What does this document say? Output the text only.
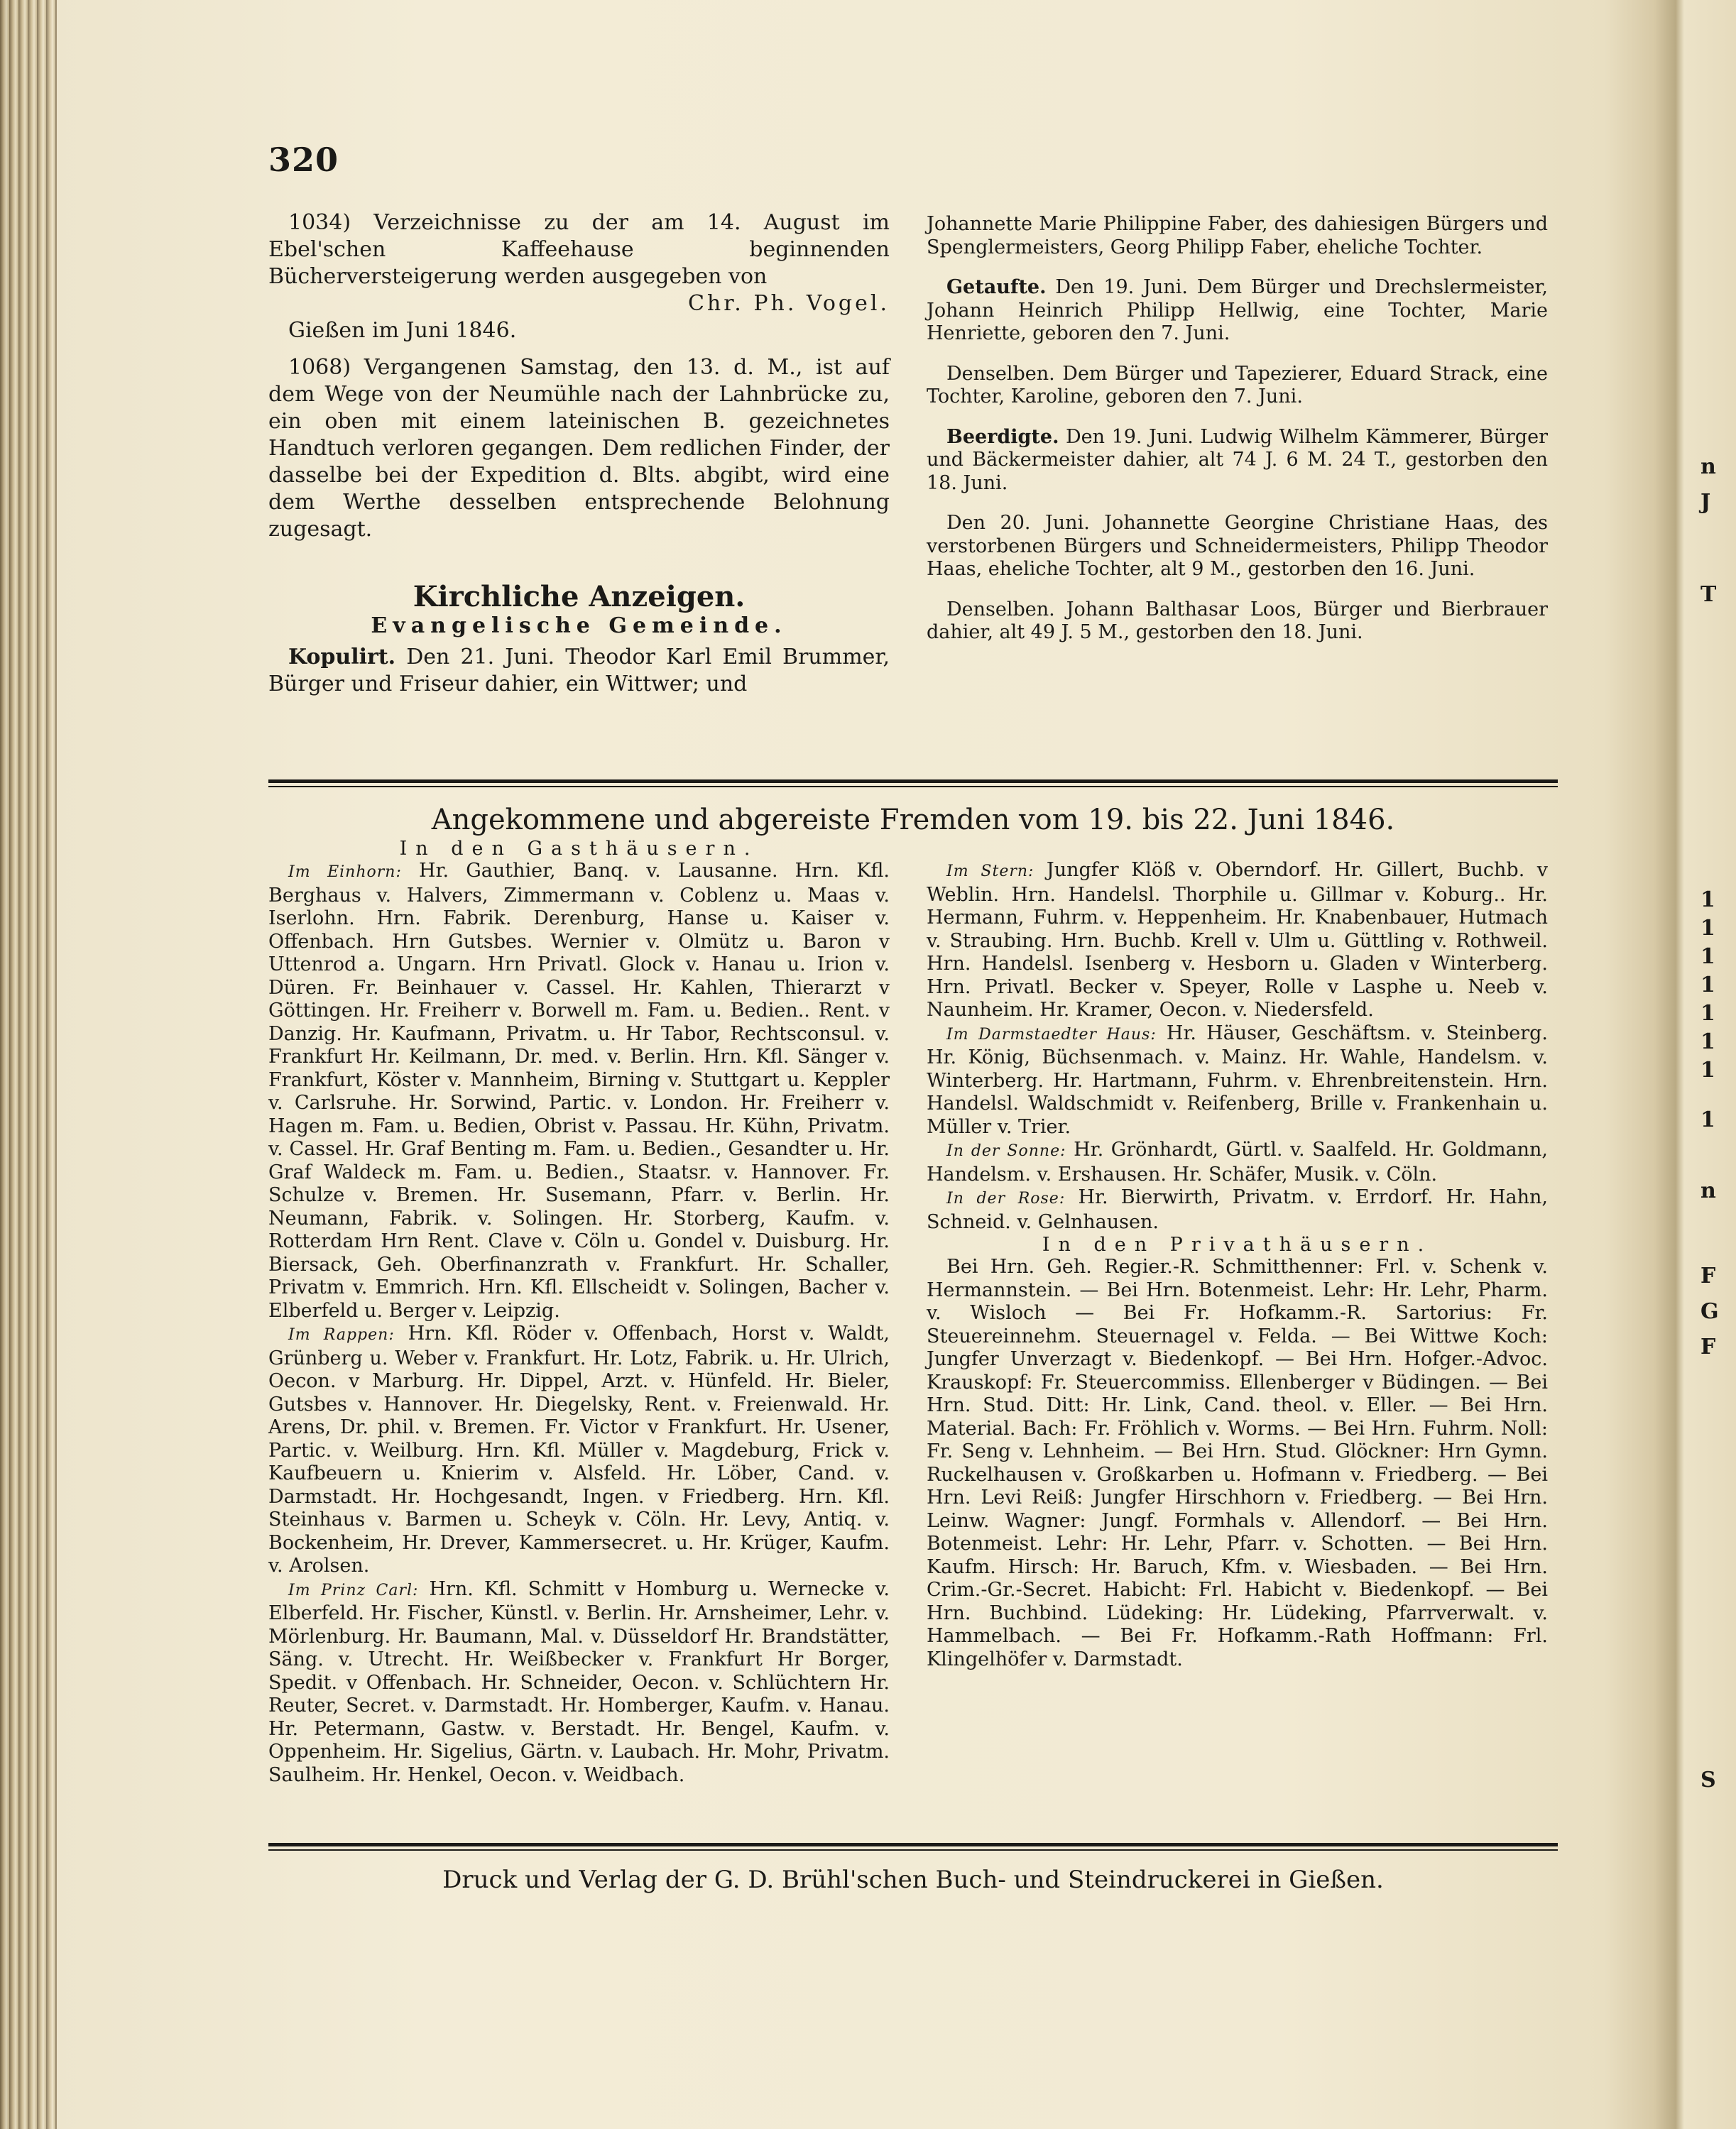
320

1034) Verzeichnisse zu der am 14. August im Ebel'schen Kaffeehause beginnenden Bücherversteigerung werden ausgegeben von

Chr. Ph. Vogel.

Gießen im Juni 1846.

1068) Vergangenen Samstag, den 13. d. M., ist auf dem Wege von der Neumühle nach der Lahnbrücke zu, ein oben mit einem lateinischen B. gezeichnetes Handtuch verloren gegangen. Dem redlichen Finder, der dasselbe bei der Expedition d. Blts. abgibt, wird eine dem Werthe desselben entsprechende Belohnung zugesagt.

Kirchliche Anzeigen.

Evangelische Gemeinde.

Kopulirt. Den 21. Juni. Theodor Karl Emil Brummer, Bürger und Friseur dahier, ein Wittwer; und

Johannette Marie Philippine Faber, des dahiesigen Bürgers und Spenglermeisters, Georg Philipp Faber, eheliche Tochter.

Getaufte. Den 19. Juni. Dem Bürger und Drechslermeister, Johann Heinrich Philipp Hellwig, eine Tochter, Marie Henriette, geboren den 7. Juni.

Denselben. Dem Bürger und Tapezierer, Eduard Strack, eine Tochter, Karoline, geboren den 7. Juni.

Beerdigte. Den 19. Juni. Ludwig Wilhelm Kämmerer, Bürger und Bäckermeister dahier, alt 74 J. 6 M. 24 T., gestorben den 18. Juni.

Den 20. Juni. Johannette Georgine Christiane Haas, des verstorbenen Bürgers und Schneidermeisters, Philipp Theodor Haas, eheliche Tochter, alt 9 M., gestorben den 16. Juni.

Denselben. Johann Balthasar Loos, Bürger und Bierbrauer dahier, alt 49 J. 5 M., gestorben den 18. Juni.

Angekommene und abgereiste Fremden vom 19. bis 22. Juni 1846.

In den Gasthäusern.

Im Einhorn: Hr. Gauthier, Banq. v. Lausanne. Hrn. Kfl. Berghaus v. Halvers, Zimmermann v. Coblenz u. Maas v. Iserlohn. Hrn. Fabrik. Derenburg, Hanse u. Kaiser v. Offenbach. Hrn Gutsbes. Wernier v. Olmütz u. Baron v Uttenrod a. Ungarn. Hrn Privatl. Glock v. Hanau u. Irion v. Düren. Fr. Beinhauer v. Cassel. Hr. Kahlen, Thierarzt v Göttingen. Hr. Freiherr v. Borwell m. Fam. u. Bedien.. Rent. v Danzig. Hr. Kaufmann, Privatm. u. Hr Tabor, Rechtsconsul. v. Frankfurt Hr. Keilmann, Dr. med. v. Berlin. Hrn. Kfl. Sänger v. Frankfurt, Köster v. Mannheim, Birning v. Stuttgart u. Keppler v. Carlsruhe. Hr. Sorwind, Partic. v. London. Hr. Freiherr v. Hagen m. Fam. u. Bedien, Obrist v. Passau. Hr. Kühn, Privatm. v. Cassel. Hr. Graf Benting m. Fam. u. Bedien., Gesandter u. Hr. Graf Waldeck m. Fam. u. Bedien., Staatsr. v. Hannover. Fr. Schulze v. Bremen. Hr. Susemann, Pfarr. v. Berlin. Hr. Neumann, Fabrik. v. Solingen. Hr. Storberg, Kaufm. v. Rotterdam Hrn Rent. Clave v. Cöln u. Gondel v. Duisburg. Hr. Biersack, Geh. Oberfinanzrath v. Frankfurt. Hr. Schaller, Privatm v. Emmrich. Hrn. Kfl. Ellscheidt v. Solingen, Bacher v. Elberfeld u. Berger v. Leipzig.

Im Rappen: Hrn. Kfl. Röder v. Offenbach, Horst v. Waldt, Grünberg u. Weber v. Frankfurt. Hr. Lotz, Fabrik. u. Hr. Ulrich, Oecon. v Marburg. Hr. Dippel, Arzt. v. Hünfeld. Hr. Bieler, Gutsbes v. Hannover. Hr. Diegelsky, Rent. v. Freienwald. Hr. Arens, Dr. phil. v. Bremen. Fr. Victor v Frankfurt. Hr. Usener, Partic. v. Weilburg. Hrn. Kfl. Müller v. Magdeburg, Frick v. Kaufbeuern u. Knierim v. Alsfeld. Hr. Löber, Cand. v. Darmstadt. Hr. Hochgesandt, Ingen. v Friedberg. Hrn. Kfl. Steinhaus v. Barmen u. Scheyk v. Cöln. Hr. Levy, Antiq. v. Bockenheim, Hr. Drever, Kammersecret. u. Hr. Krüger, Kaufm. v. Arolsen.

Im Prinz Carl: Hrn. Kfl. Schmitt v Homburg u. Wernecke v. Elberfeld. Hr. Fischer, Künstl. v. Berlin. Hr. Arnsheimer, Lehr. v. Mörlenburg. Hr. Baumann, Mal. v. Düsseldorf Hr. Brandstätter, Säng. v. Utrecht. Hr. Weißbecker v. Frankfurt Hr Borger, Spedit. v Offenbach. Hr. Schneider, Oecon. v. Schlüchtern Hr. Reuter, Secret. v. Darmstadt. Hr. Homberger, Kaufm. v. Hanau. Hr. Petermann, Gastw. v. Berstadt. Hr. Bengel, Kaufm. v. Oppenheim. Hr. Sigelius, Gärtn. v. Laubach. Hr. Mohr, Privatm. Saulheim. Hr. Henkel, Oecon. v. Weidbach.

Im Stern: Jungfer Klöß v. Oberndorf. Hr. Gillert, Buchb. v Weblin. Hrn. Handelsl. Thorphile u. Gillmar v. Koburg.. Hr. Hermann, Fuhrm. v. Heppenheim. Hr. Knabenbauer, Hutmach v. Straubing. Hrn. Buchb. Krell v. Ulm u. Güttling v. Rothweil. Hrn. Handelsl. Isenberg v. Hesborn u. Gladen v Winterberg. Hrn. Privatl. Becker v. Speyer, Rolle v Lasphe u. Neeb v. Naunheim. Hr. Kramer, Oecon. v. Niedersfeld.

Im Darmstaedter Haus: Hr. Häuser, Geschäftsm. v. Steinberg. Hr. König, Büchsenmach. v. Mainz. Hr. Wahle, Handelsm. v. Winterberg. Hr. Hartmann, Fuhrm. v. Ehrenbreitenstein. Hrn. Handelsl. Waldschmidt v. Reifenberg, Brille v. Frankenhain u. Müller v. Trier.

In der Sonne: Hr. Grönhardt, Gürtl. v. Saalfeld. Hr. Goldmann, Handelsm. v. Ershausen. Hr. Schäfer, Musik. v. Cöln.

In der Rose: Hr. Bierwirth, Privatm. v. Errdorf. Hr. Hahn, Schneid. v. Gelnhausen.

In den Privathäusern.

Bei Hrn. Geh. Regier.-R. Schmitthenner: Frl. v. Schenk v. Hermannstein. — Bei Hrn. Botenmeist. Lehr: Hr. Lehr, Pharm. v. Wisloch — Bei Fr. Hofkamm.-R. Sartorius: Fr. Steuereinnehm. Steuernagel v. Felda. — Bei Wittwe Koch: Jungfer Unverzagt v. Biedenkopf. — Bei Hrn. Hofger.-Advoc. Krauskopf: Fr. Steuercommiss. Ellenberger v Büdingen. — Bei Hrn. Stud. Ditt: Hr. Link, Cand. theol. v. Eller. — Bei Hrn. Material. Bach: Fr. Fröhlich v. Worms. — Bei Hrn. Fuhrm. Noll: Fr. Seng v. Lehnheim. — Bei Hrn. Stud. Glöckner: Hrn Gymn. Ruckelhausen v. Großkarben u. Hofmann v. Friedberg. — Bei Hrn. Levi Reiß: Jungfer Hirschhorn v. Friedberg. — Bei Hrn. Leinw. Wagner: Jungf. Formhals v. Allendorf. — Bei Hrn. Botenmeist. Lehr: Hr. Lehr, Pfarr. v. Schotten. — Bei Hrn. Kaufm. Hirsch: Hr. Baruch, Kfm. v. Wiesbaden. — Bei Hrn. Crim.-Gr.-Secret. Habicht: Frl. Habicht v. Biedenkopf. — Bei Hrn. Buchbind. Lüdeking: Hr. Lüdeking, Pfarrverwalt. v. Hammelbach. — Bei Fr. Hofkamm.-Rath Hoffmann: Frl. Klingelhöfer v. Darmstadt.

Druck und Verlag der G. D. Brühl'schen Buch- und Steindruckerei in Gießen.
n
J
T
1
1
1
1
1
1
1
1
n
F
G
F
S
